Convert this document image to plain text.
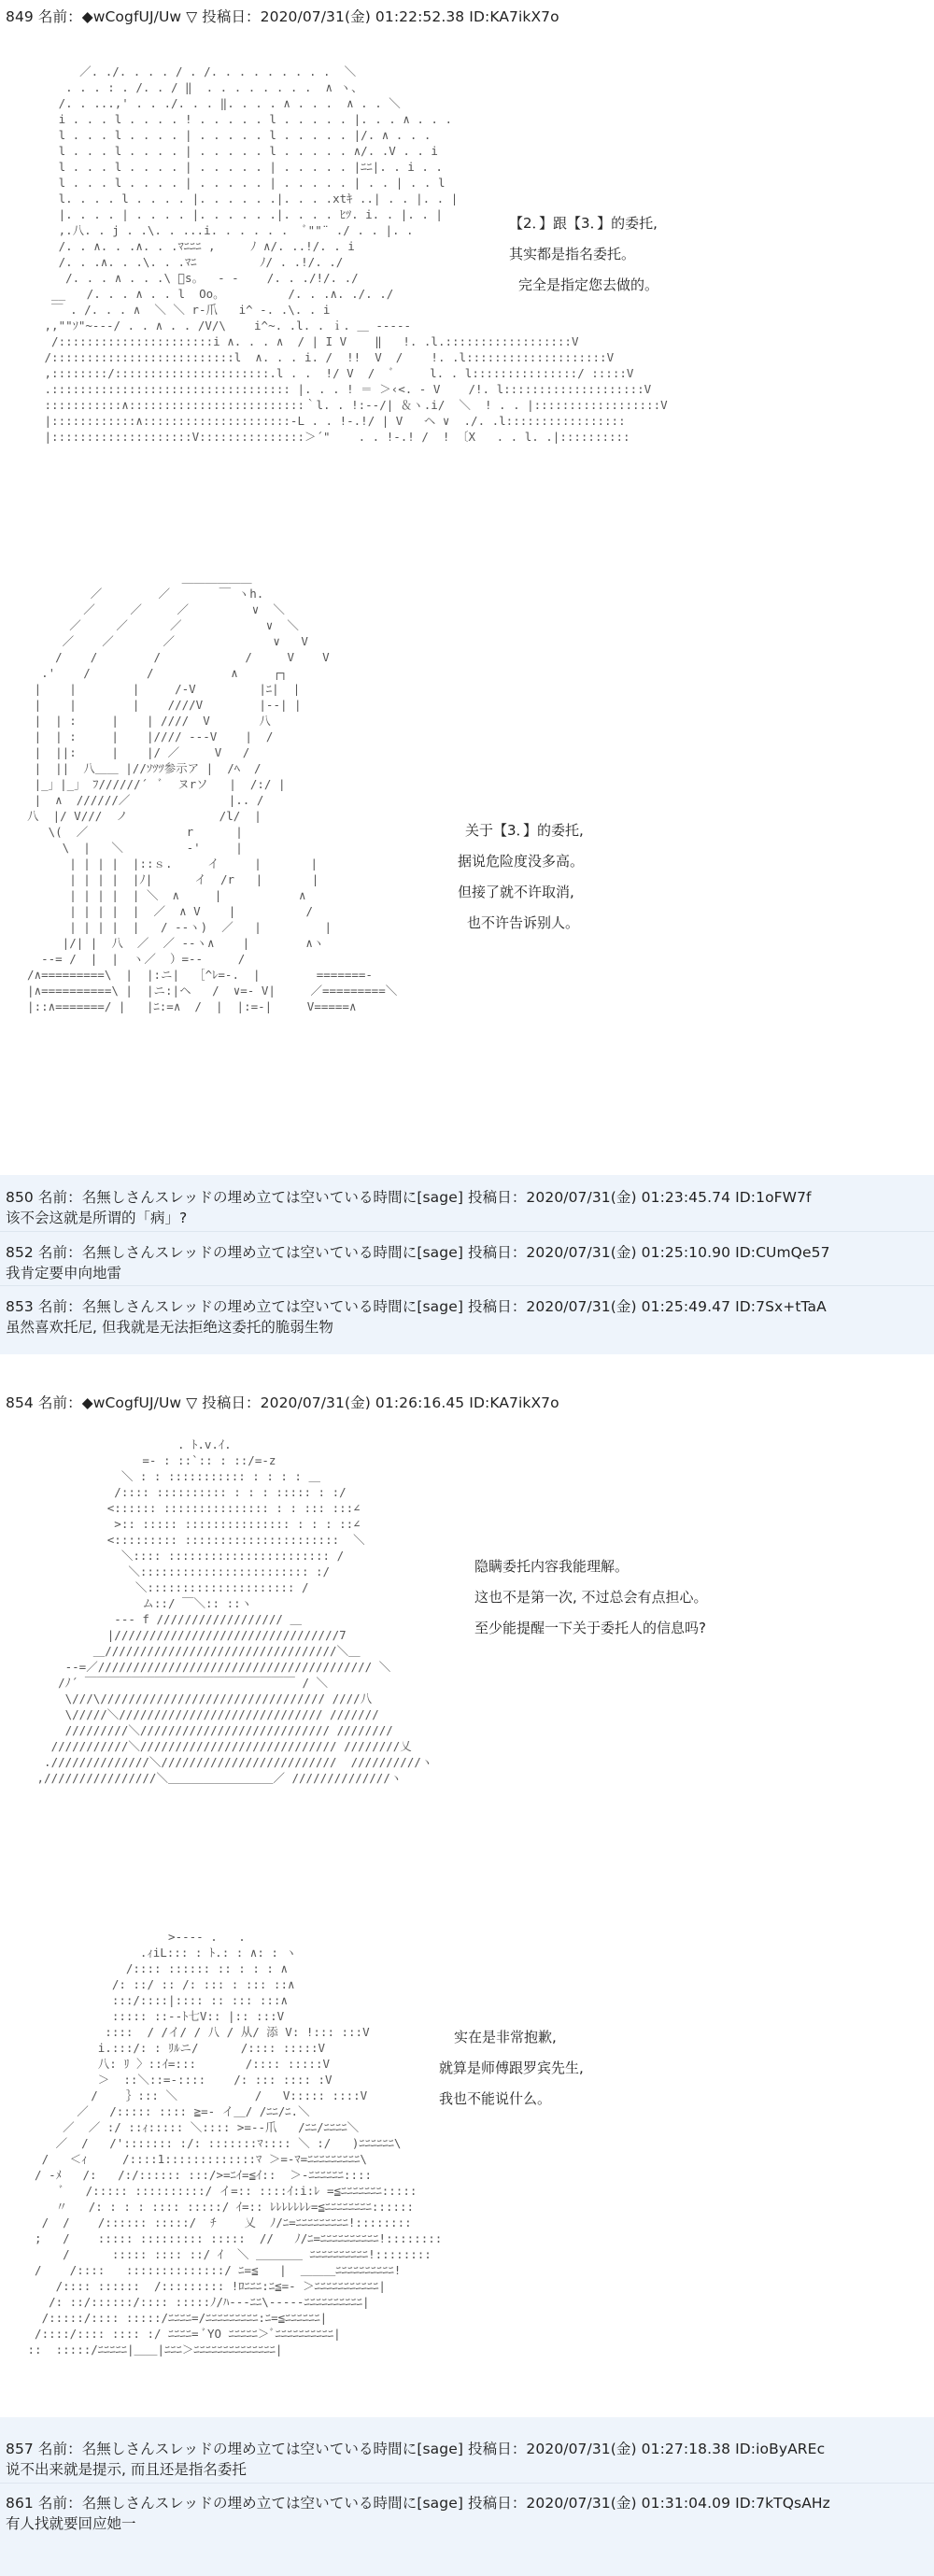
849 名前：◆wCogfUJ/Uw ▽ 投稿日：2020/07/31(金) 01:22:52.38 ID:KA7ikX7o
／. ./. . . . / . /. . . . . . . . .  ＼
. . . : . /. . / ‖  . . . . . . . .  ∧ ヽ、
/. . ...,' . . ./. . . ‖. . . . ∧ . . .  ∧ . . ＼
i . . . l . . . . ! . . . . . l . . . . . |. . . ∧ . . .
l . . . l . . . . | . . . . . l . . . . . |/. ∧ . . .
l . . . l . . . . | . . . . . l . . . . . ∧/. .V . . i
l . . . l . . . . | . . . . . | . . . . . |ﾆﾆ|. . i . .
l . . . l . . . . | . . . . . | . . . . . | . . | . . l
l. . . . l . . . . |. . . . . .|. . . .xtｷ ..| . . |. . |
|. . . . | . . . . |. . . . . .|. . . . ﾋﾂ. i. . |. . |
,.八. . j . .\. . ...i. . . . . .  ﾞ""¨ ./ . . |. .
/. . ∧. . .∧. . .ﾏﾆﾆﾆ ,     ﾉ ∧/. ..!/. . i
/. . .∧. . .\. . .ﾏﾆ         ﾉ/ . .!/. ./
/. . . ∧ . . .\ ﾞs。  ‐ ‐    /. . ./!/. ./
__   /. . . ∧ . . l  Oo。         /. . .∧. ./. ./
￣ . /. . . ∧  ＼ ＼ r‐爪   i^ ‐. .\. . i
,,""ｿ"~‐‐‐/ . . ∧ . . /V/\    i^~. .l. . ｉ. ＿ ‐‐‐‐‐
/::::::::::::::::::::::i ∧. . . ∧  / | I V    ‖   !. .l.::::::::::::::::::V
/::::::::::::::::::::::::::l  ∧. . . i. /  !!  V  /    !. .l::::::::::::::::::::V
,::::::::/::::::::::::::::::::::.l . .  !/ V  /  ﾞ     l. . l:::::::::::::::/ :::::V
.:::::::::::::::::::::::::::::::::: |. . . ! ＝ ＞‹<. ‐ V    /!. l::::::::::::::::::::V
:::::::::::∧:::::::::::::::::::::::::｀l. . !:‐‐/| ＆ヽ.i/  ＼  ! . . |::::::::::::::::::V
|::::::::::::∧:::::::::::::::::::::‐L . . !-.!/ | V   ヘ ∨  ./. .l:::::::::::::::::
|::::::::::::::::::::V:::::::::::::::＞´"    . . !-.! /  ! 〔X   . . l. .|::::::::::
【2．】跟【3．】的委托,
其实都是指名委托。
完全是指定您去做的。
＿＿＿＿＿＿
／        ／       ￣ ヽh.
／     ／     ／         ∨  ＼
／     ／      ／            ∨  ＼
／    ／       ／              ∨   V
/    /        /            /     V    V
.'    /        /           ∧     ┌┐
|    |        |     /‐V         |ﾆ|  |
|    |        |    ////V        |‐‐| |
|  | :     |    | ////  V       八
|  | :     |    |//// ‐‐‐V    |  /
|  ||:     |    |/ ／     V   /
|  ||  八＿＿ |//ｿﾂﾂ参示ア |  /ﾍ  /
|_」|_」 ﾌ//////´  ﾞ  ヌrソ   |  /:/ |
|  ∧  //////／              |.. /
八  |/ V///  ノ             /l/  |
\(  ／              r      |
\  |   ＼         ‐'     |
| | | |  |::ｓ.     イ     |       |
| | | |  |ﾉ|      イ  /r   |       |
| | | |  | ＼  ∧     |           ∧
| | | |  |  ／  ∧ V    |          /
| | | |  |   / ‐‐ヽ)  ／   |         |
|/| |  八  ／  ／ ‐‐ヽ∧    |        ∧ヽ
‐‐= /  |  |  ヽ／  ）=-‐     /
/∧=========\  |  |:ニ|  ［^ﾚ=‐.  |        =======‐
|∧==========\ |  |ニ:|ヘ   /  ∨=‐ V|     ／=========＼
|::∧=======/ |   |ﾆ:=∧  /  |  |:=-|     V=====∧
关于【3．】的委托,
据说危险度没多高。
但接了就不许取消,
也不许告诉别人。
850 名前：名無しさんスレッドの埋め立ては空いている時間に[sage] 投稿日：2020/07/31(金) 01:23:45.74 ID:1oFW7f
该不会这就是所谓的「病」?
852 名前：名無しさんスレッドの埋め立ては空いている時間に[sage] 投稿日：2020/07/31(金) 01:25:10.90 ID:CUmQe57
我肯定要申向地雷
853 名前：名無しさんスレッドの埋め立ては空いている時間に[sage] 投稿日：2020/07/31(金) 01:25:49.47 ID:7Sx+tTaA
虽然喜欢托尼, 但我就是无法拒绝这委托的脆弱生物
854 名前：◆wCogfUJ/Uw ▽ 投稿日：2020/07/31(金) 01:26:16.45 ID:KA7ikX7o
. ﾄ.v.ｲ.
=‐ : ::`:: : ::/=‐z
＼ : : ::::::::::: : : : : ＿
/:::: :::::::::: : : : ::::: : :/
<:::::: ::::::::::::::: : : ::: :::∠
>:: ::::: ::::::::::::::: : : : ::∠
<::::::::: ::::::::::::::::::::::  ＼
＼:::: ::::::::::::::::::::::: /
＼:::::::::::::::::::::::: :/
＼::::::::::::::::::::: /
ム::/ ￣＼:: ::ヽ
‐‐‐ f ////////////////// ＿
|////////////////////////////////7
＿/////////////////////////////////＼＿
‐‐=／/////////////////////////////////////// ＼
/ﾉ´ ￣￣￣￣￣￣￣￣￣￣￣￣￣￣￣￣￣￣ / ＼
\///\//////////////////////////////// ////八
\/////＼///////////////////////////// ///////
/////////＼/////////////////////////// ////////
///////////＼//////////////////////////// ////////乂
.//////////////＼/////////////////////////  //////////ヽ
,////////////////＼＿＿＿＿＿＿＿＿＿／ //////////////ヽ
隐瞒委托内容我能理解。
这也不是第一次, 不过总会有点担心。
至少能提醒一下关于委托人的信息吗?
>‐‐‐‐ .   .
.ｨiL::: : ﾄ.: : ∧: : ヽ
/:::: :::::: :: : : : ∧
/: ::/ :: /: ::: : ::: ::∧
:::/::::|:::: :: ::: :::∧
::::: ::‐‐ﾄ七V:: |:: :::V
::::  / /イ/ / 八 / 从/ 添 V: !::: :::V
i.:::/: : ﾘﾙニ/      /:::: :::::V
八: ﾘ 〉::ｲ=:::       /:::: :::::V
＞  ::＼::=‐::::    /: ::: :::: :V
/    ｝::: ＼           /   V::::: ::::V
／   /::::: :::: ≧=‐ イ＿/ /ﾆﾆ/ﾆ.＼
／  ／ :/ ::ｨ::::: ＼:::: >=‐‐爪   /ﾆﾆ/ﾆﾆﾆﾆ＼
／  /   /'::::::: :/: :::::::ﾏ:::: ＼ :/   )ﾆﾆﾆﾆﾆﾆ\
/   ＜ｨ     /::::1:::::::::::::ﾏ ＞=‐ﾏ=ﾆﾆﾆﾆﾆﾆﾆﾆﾆ\
/ ‐ﾒ   /:   /:/:::::: :::/>=ﾆｲ=≦ｲ::  ＞‐ﾆﾆﾆﾆﾆﾆ::::
ﾞ   /::::: ::::::::::/ イ=:: ::::ｲ:i:ﾚ =≦ﾆﾆﾆﾆﾆﾆﾆ:::::
〃   /: : : : :::: :::::/ ｲ=:: ﾚﾚﾚﾚﾚﾚﾚ=≦ﾆﾆﾆﾆﾆﾆﾆﾆ::::::
/  /    /:::::: :::::/  ﾁ    乂  ﾉ/ﾆ=ﾆﾆﾆﾆﾆﾆﾆﾆﾆ!::::::::
;   /    ::::: ::::::::: :::::  //   ﾉ/ﾆ=ﾆﾆﾆﾆﾆﾆﾆﾆﾆﾆ!::::::::
/      ::::: :::: ::/ ｲ  ＼ ＿＿＿＿ ﾆﾆﾆﾆﾆﾆﾆﾆﾆﾆ!::::::::
/    /::::   ::::::::::::::/ ﾆ=≦   |  ＿＿＿ﾆﾆﾆﾆﾆﾆﾆﾆﾆﾆ!
/:::: ::::::  /::::::::: !ﾛﾆﾆﾆ:ﾆ≦=‐ ＞ﾆﾆﾆﾆﾆﾆﾆﾆﾆﾆﾆ|
/: ::/::::::/:::: :::::ﾉ/ﾊ‐‐‐ﾆﾆ\‐‐‐‐‐ﾆﾆﾆﾆﾆﾆﾆﾆﾆﾆ|
/:::::/:::: :::::/ﾆﾆﾆﾆ=/ﾆﾆﾆﾆﾆﾆﾆﾆﾆ:ﾆ=≦ﾆﾆﾆﾆﾆﾆ|
/::::/:::: :::: :/ ﾆﾆﾆﾆ= ﾞYO ﾆﾆﾆﾆﾆ＞ﾞﾆﾆﾆﾆﾆﾆﾆﾆﾆﾆ|
::  :::::/ﾆﾆﾆﾆﾆ|＿＿|ﾆﾆﾆ＞ﾆﾆﾆﾆﾆﾆﾆﾆﾆﾆﾆﾆﾆﾆ|
实在是非常抱歉,
就算是师傅跟罗宾先生,
我也不能说什么。
857 名前：名無しさんスレッドの埋め立ては空いている時間に[sage] 投稿日：2020/07/31(金) 01:27:18.38 ID:ioByAREc
说不出来就是提示, 而且还是指名委托
861 名前：名無しさんスレッドの埋め立ては空いている時間に[sage] 投稿日：2020/07/31(金) 01:31:04.09 ID:7kTQsAHz
有人找就要回应她一
